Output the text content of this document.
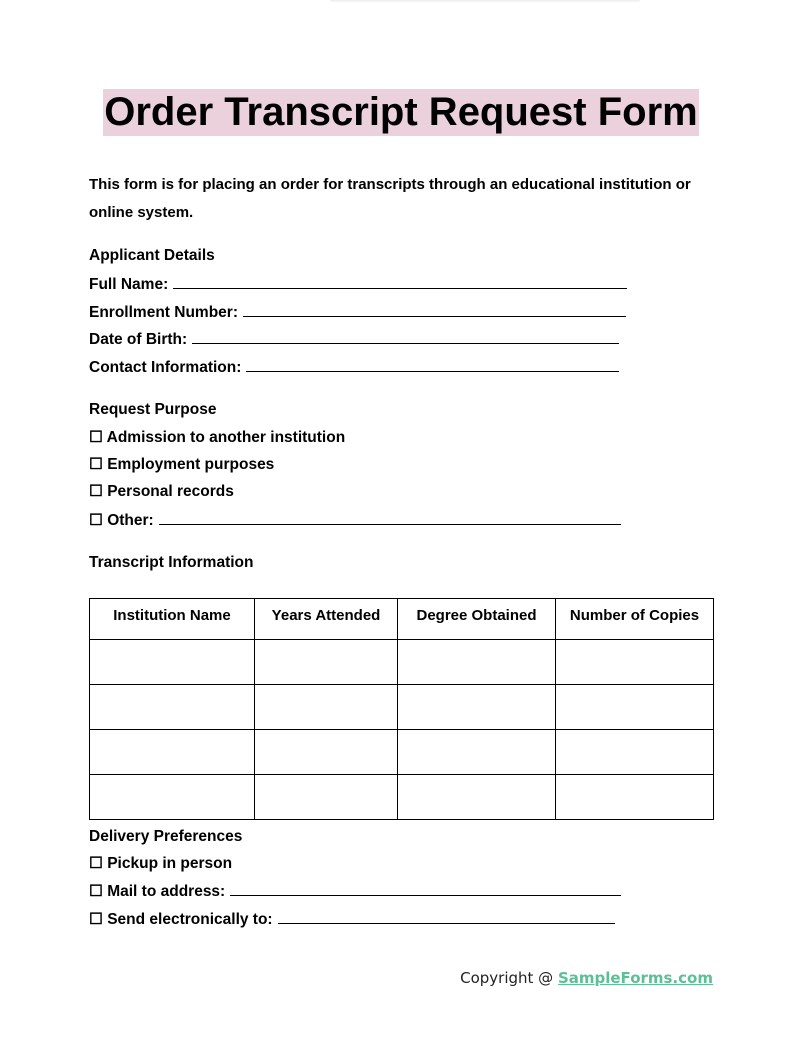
Order Transcript Request Form
This form is for placing an order for transcripts through an educational institution or online system.
Applicant Details
Full Name:
Enrollment Number:
Date of Birth:
Contact Information:
Request Purpose
☐ Admission to another institution
☐ Employment purposes
☐ Personal records
☐ Other:
Transcript Information
Institution Name	Years Attended	Degree Obtained	Number of Copies

Delivery Preferences
☐ Pickup in person
☐ Mail to address:
☐ Send electronically to:
Copyright @ SampleForms.com
